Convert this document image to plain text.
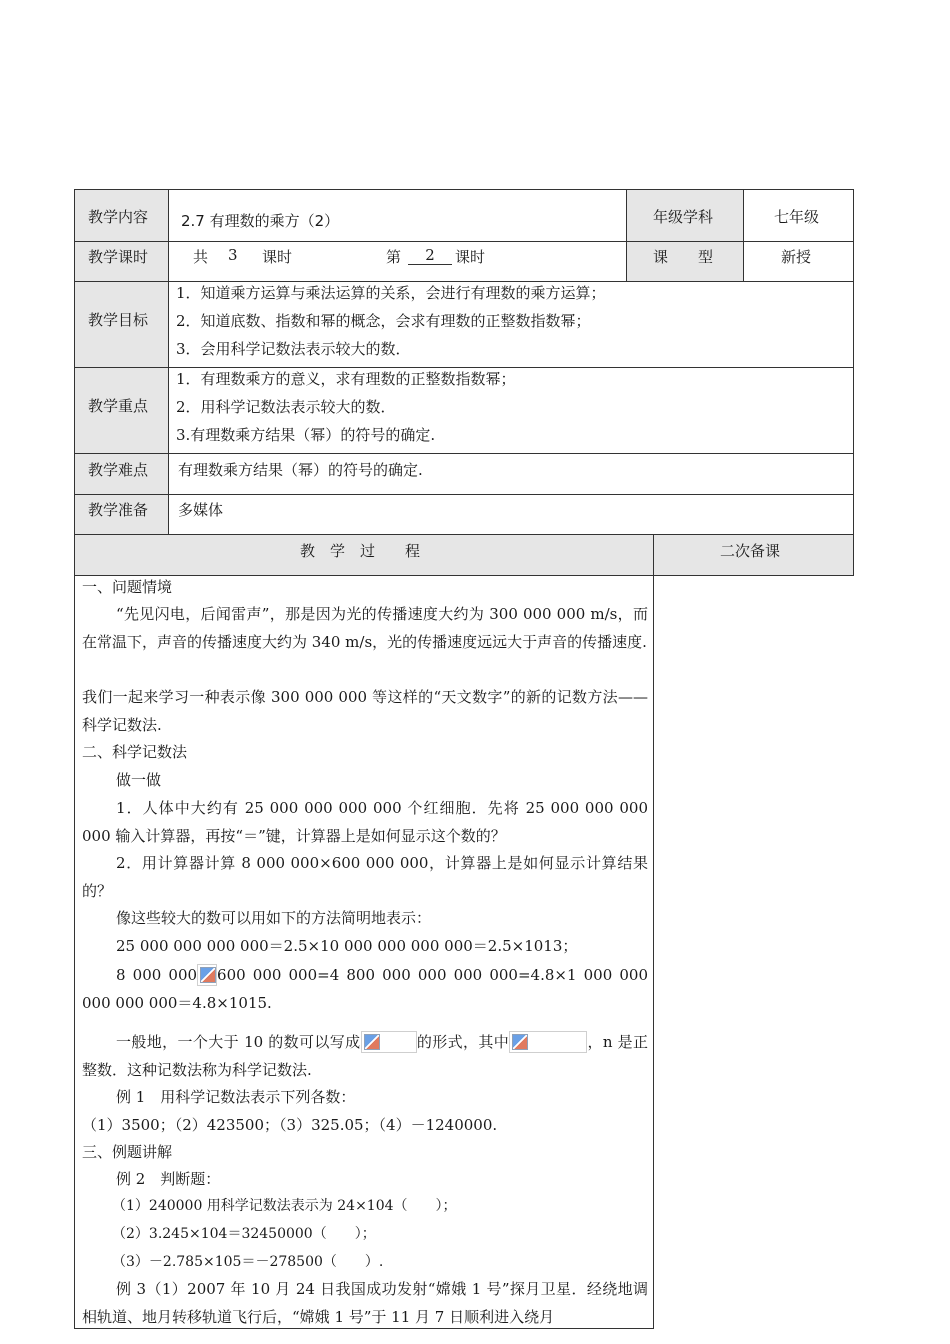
教学内容 2.7 有理数的乘方（2）	年级学科	七年级
教学课时	共 3 课时	第	2	课时	课　　型	新授
教学目标
1．知道乘方运算与乘法运算的关系，会进行有理数的乘方运算；
2．知道底数、指数和幂的概念，会求有理数的正整数指数幂；
3．会用科学记数法表示较大的数．
教学重点
1．有理数乘方的意义，求有理数的正整数指数幂；
2．用科学记数法表示较大的数．
3.有理数乘方结果（幂）的符号的确定.
教学难点 有理数乘方结果（幂）的符号的确定.
教学准备 多媒体
教　学　过　　程	二次备课
一、问题情境
“先见闪电，后闻雷声”，那是因为光的传播速度大约为 300 000 000 m/s，而在常温下，声音的传播速度大约为 340 m/s，光的传播速度远远大于声音的传播速度.
我们一起来学习一种表示像 300 000 000 等这样的“天文数字”的新的记数方法——科学记数法.
二、科学记数法
做一做
1．人体中大约有 25 000 000 000 000 个红细胞．先将 25 000 000 000 000 输入计算器，再按“＝”键，计算器上是如何显示这个数的？
2．用计算器计算 8 000 000×600 000 000，计算器上是如何显示计算结果的？
像这些较大的数可以用如下的方法简明地表示：
25 000 000 000 000＝2.5×10 000 000 000 000＝2.5×1013；
8 000 000 600 000 000=4 800 000 000 000 000=4.8×1 000 000 000 000 000＝4.8×1015.
一般地，一个大于 10 的数可以写成	的形式，其中	，n 是正整数．这种记数法称为科学记数法.
例 1　用科学记数法表示下列各数：
（1）3500；（2）423500；（3）325.05；（4）－1240000.
三、例题讲解
例 2　判断题：
（1）240000 用科学记数法表示为 24×104（　　）；
（2）3.245×104＝32450000（　　）；
（3）－2.785×105＝－278500（　　）.
例 3（1）2007 年 10 月 24 日我国成功发射“嫦娥 1 号”探月卫星．经绕地调相轨道、地月转移轨道飞行后，“嫦娥 1 号”于 11 月 7 日顺利进入绕月
